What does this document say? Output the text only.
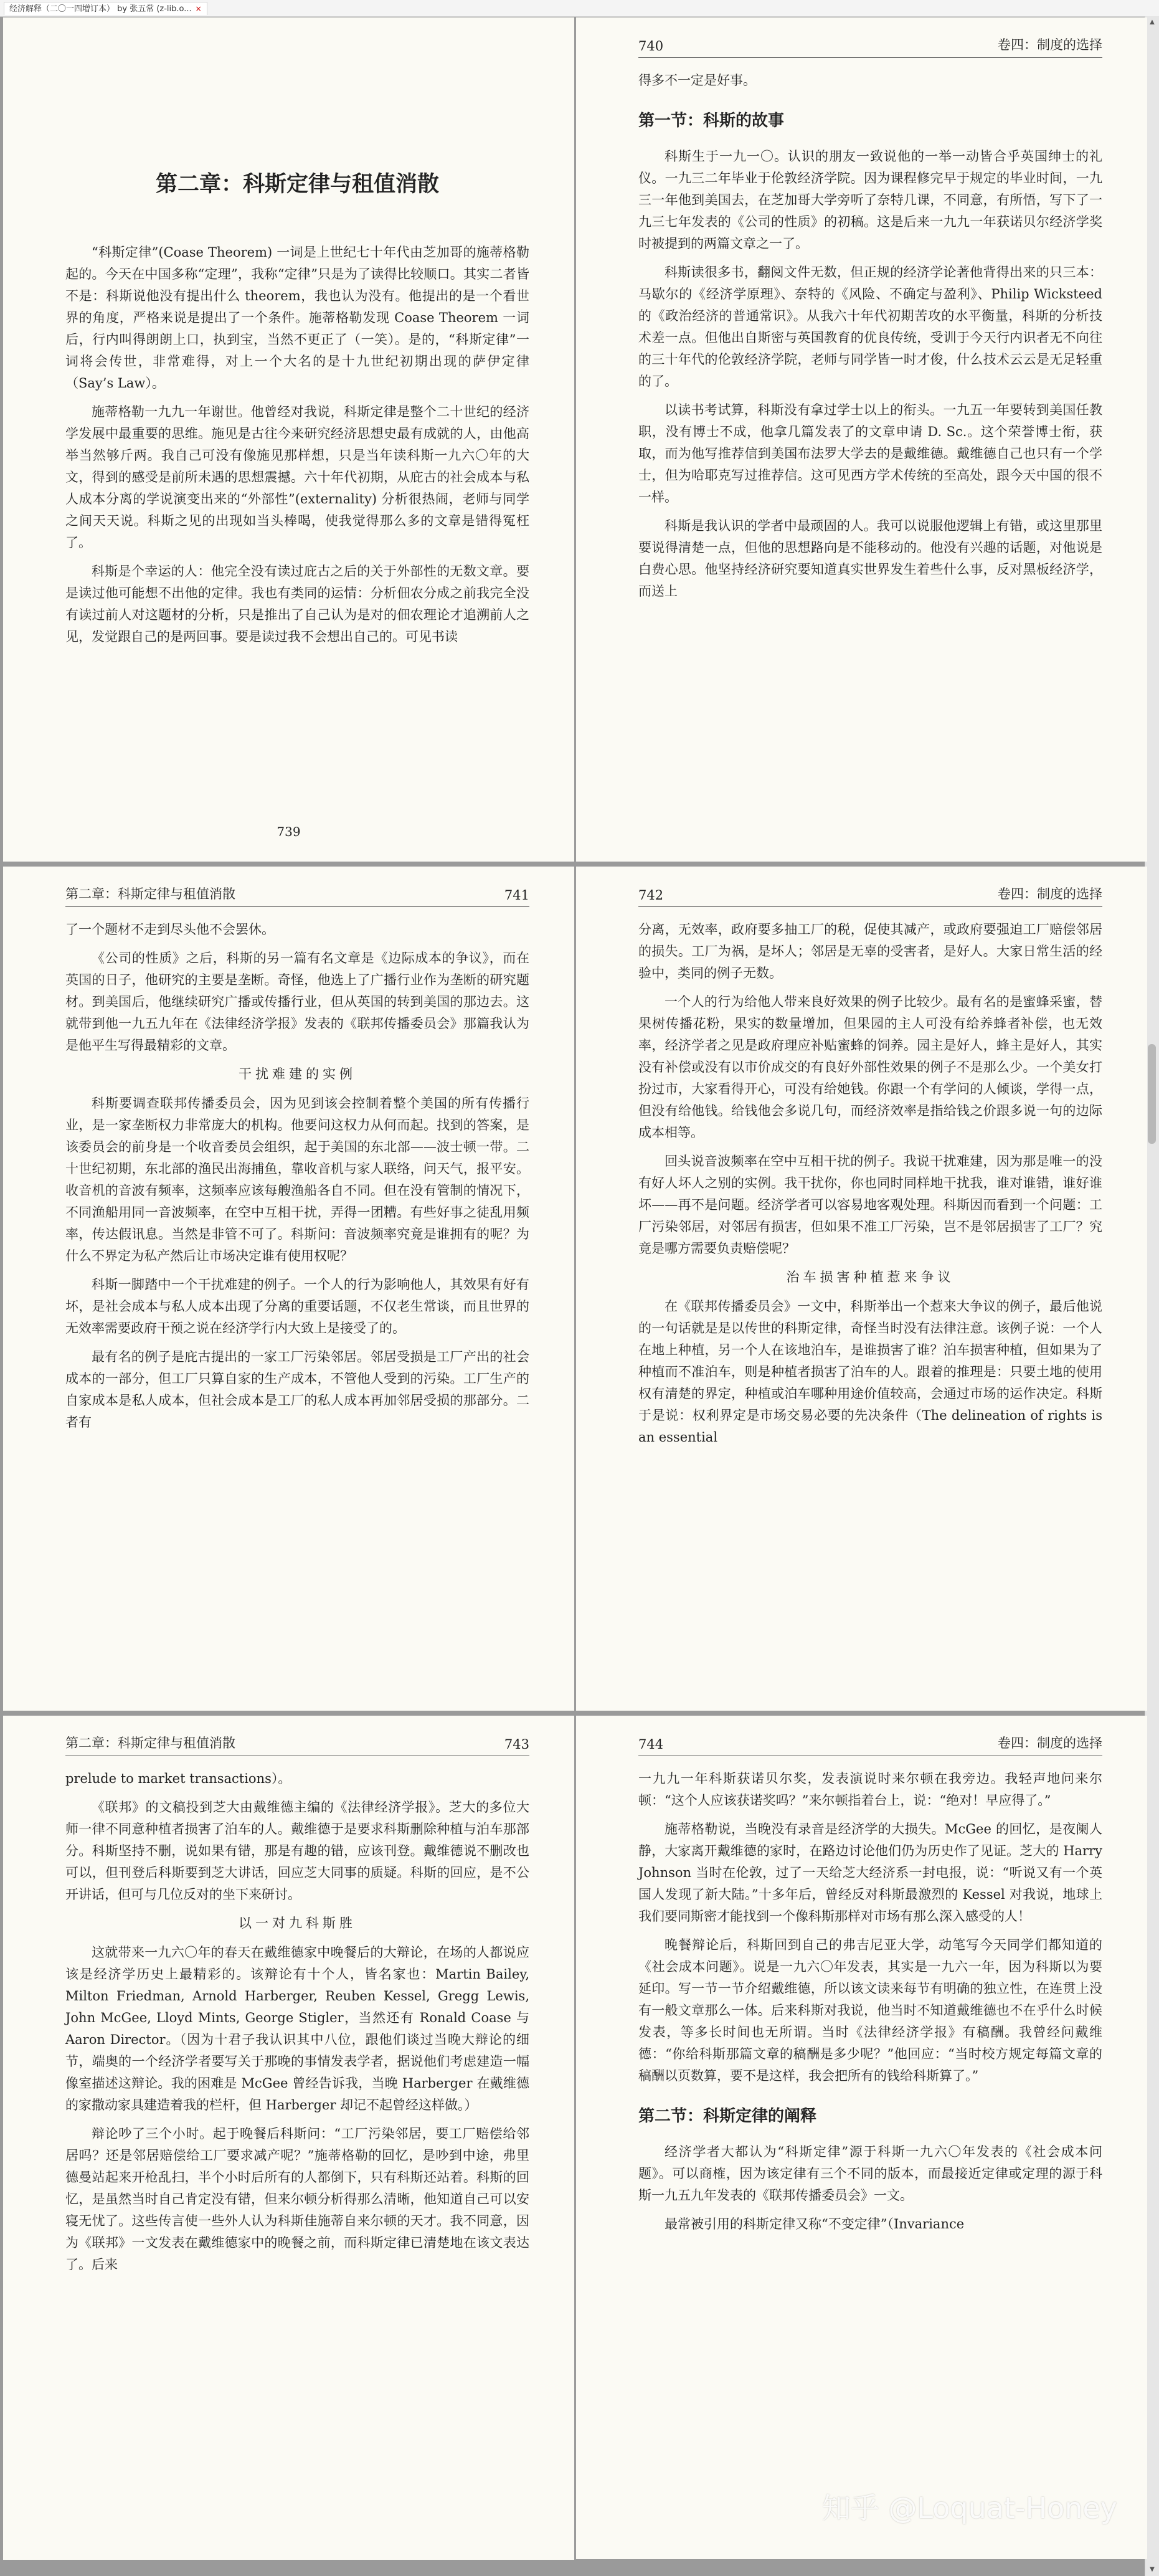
经济解释（二〇一四增订本） by 张五常 (z-lib.o... ×
▲
▼
第二章：科斯定律与租值消散

“科斯定律”(Coase Theorem) 一词是上世纪七十年代由芝加哥的施蒂格勒起的。今天在中国多称“定理”，我称“定律”只是为了读得比较顺口。其实二者皆不是：科斯说他没有提出什么 theorem，我也认为没有。他提出的是一个看世界的角度，严格来说是提出了一个条件。施蒂格勒发现 Coase Theorem 一词后，行内叫得朗朗上口，执到宝，当然不更正了（一笑）。是的，“科斯定律”一词将会传世，非常难得，对上一个大名的是十九世纪初期出现的萨伊定律（Say’s Law）。

施蒂格勒一九九一年谢世。他曾经对我说，科斯定律是整个二十世纪的经济学发展中最重要的思维。施见是古往今来研究经济思想史最有成就的人，由他高举当然够斤两。我自己可没有像施见那样想，只是当年读科斯一九六〇年的大文，得到的感受是前所未遇的思想震撼。六十年代初期，从庇古的社会成本与私人成本分离的学说演变出来的“外部性”(externality) 分析很热闹，老师与同学之间天天说。科斯之见的出现如当头棒喝，使我觉得那么多的文章是错得冤枉了。

科斯是个幸运的人：他完全没有读过庇古之后的关于外部性的无数文章。要是读过他可能想不出他的定律。我也有类同的运情：分析佃农分成之前我完全没有读过前人对这题材的分析，只是推出了自己认为是对的佃农理论才追溯前人之见，发觉跟自己的是两回事。要是读过我不会想出自己的。可见书读

739
740	卷四：制度的选择

得多不一定是好事。

第一节：科斯的故事

科斯生于一九一〇。认识的朋友一致说他的一举一动皆合乎英国绅士的礼仪。一九三二年毕业于伦敦经济学院。因为课程修完早于规定的毕业时间，一九三一年他到美国去，在芝加哥大学旁听了奈特几课，不同意，有所悟，写下了一九三七年发表的《公司的性质》的初稿。这是后来一九九一年获诺贝尔经济学奖时被提到的两篇文章之一了。

科斯读很多书，翻阅文件无数，但正规的经济学论著他背得出来的只三本：马歇尔的《经济学原理》、奈特的《风险、不确定与盈利》、Philip Wicksteed 的《政治经济的普通常识》。从我六十年代初期苦攻的水平衡量，科斯的分析技术差一点。但他出自斯密与英国教育的优良传统，受训于今天行内识者无不向往的三十年代的伦敦经济学院，老师与同学皆一时才俊，什么技术云云是无足轻重的了。

以读书考试算，科斯没有拿过学士以上的衔头。一九五一年要转到美国任教职，没有博士不成，他拿几篇发表了的文章申请 D. Sc.。这个荣誉博士衔，获取，而为他写推荐信到美国布法罗大学去的是戴维德。戴维德自己也只有一个学士，但为哈耶克写过推荐信。这可见西方学术传统的至高处，跟今天中国的很不一样。

科斯是我认识的学者中最顽固的人。我可以说服他逻辑上有错，或这里那里要说得清楚一点，但他的思想路向是不能移动的。他没有兴趣的话题，对他说是白费心思。他坚持经济研究要知道真实世界发生着些什么事，反对黑板经济学，而送上

第二章：科斯定律与租值消散	741

了一个题材不走到尽头他不会罢休。

《公司的性质》之后，科斯的另一篇有名文章是《边际成本的争议》，而在英国的日子，他研究的主要是垄断。奇怪，他选上了广播行业作为垄断的研究题材。到美国后，他继续研究广播或传播行业，但从英国的转到美国的那边去。这就带到他一九五九年在《法律经济学报》发表的《联邦传播委员会》那篇我认为是他平生写得最精彩的文章。

干扰难建的实例

科斯要调查联邦传播委员会，因为见到该会控制着整个美国的所有传播行业，是一家垄断权力非常庞大的机构。他要问这权力从何而起。找到的答案，是该委员会的前身是一个收音委员会组织，起于美国的东北部——波士顿一带。二十世纪初期，东北部的渔民出海捕鱼，靠收音机与家人联络，问天气，报平安。收音机的音波有频率，这频率应该每艘渔船各自不同。但在没有管制的情况下，不同渔船用同一音波频率，在空中互相干扰，弄得一团糟。有些好事之徒乱用频率，传达假讯息。当然是非管不可了。科斯问：音波频率究竟是谁拥有的呢？为什么不界定为私产然后让市场决定谁有使用权呢？

科斯一脚踏中一个干扰难建的例子。一个人的行为影响他人，其效果有好有坏，是社会成本与私人成本出现了分离的重要话题，不仅老生常谈，而且世界的无效率需要政府干预之说在经济学行内大致上是接受了的。

最有名的例子是庇古提出的一家工厂污染邻居。邻居受损是工厂产出的社会成本的一部分，但工厂只算自家的生产成本，不管他人受到的污染。工厂生产的自家成本是私人成本，但社会成本是工厂的私人成本再加邻居受损的那部分。二者有

742	卷四：制度的选择

分离，无效率，政府要多抽工厂的税，促使其减产，或政府要强迫工厂赔偿邻居的损失。工厂为祸，是坏人；邻居是无辜的受害者，是好人。大家日常生活的经验中，类同的例子无数。

一个人的行为给他人带来良好效果的例子比较少。最有名的是蜜蜂采蜜，替果树传播花粉，果实的数量增加，但果园的主人可没有给养蜂者补偿，也无效率，经济学者之见是政府理应补贴蜜蜂的饲养。园主是好人，蜂主是好人，其实没有补偿或没有以市价成交的有良好外部性效果的例子不是那么少。一个美女打扮过市，大家看得开心，可没有给她钱。你跟一个有学问的人倾谈，学得一点，但没有给他钱。给钱他会多说几句，而经济效率是指给钱之价跟多说一句的边际成本相等。

回头说音波频率在空中互相干扰的例子。我说干扰难建，因为那是唯一的没有好人坏人之别的实例。我干扰你，你也同时同样地干扰我，谁对谁错，谁好谁坏——再不是问题。经济学者可以容易地客观处理。科斯因而看到一个问题：工厂污染邻居，对邻居有损害，但如果不准工厂污染，岂不是邻居损害了工厂？究竟是哪方需要负责赔偿呢？

治车损害种植惹来争议

在《联邦传播委员会》一文中，科斯举出一个惹来大争议的例子，最后他说的一句话就是是以传世的科斯定律，奇怪当时没有法律注意。该例子说：一个人在地上种植，另一个人在该地泊车，是谁损害了谁？泊车损害种植，但如果为了种植而不准泊车，则是种植者损害了泊车的人。跟着的推理是：只要土地的使用权有清楚的界定，种植或泊车哪种用途价值较高，会通过市场的运作决定。科斯于是说：权利界定是市场交易必要的先决条件（The delineation of rights is an essential

第二章：科斯定律与租值消散	743

prelude to market transactions）。

《联邦》的文稿投到芝大由戴维德主编的《法律经济学报》。芝大的多位大师一律不同意种植者损害了泊车的人。戴维德于是要求科斯删除种植与泊车那部分。科斯坚持不删，说如果有错，那是有趣的错，应该刊登。戴维德说不删改也可以，但刊登后科斯要到芝大讲话，回应芝大同事的质疑。科斯的回应，是不公开讲话，但可与几位反对的坐下来研讨。

以一对九科斯胜

这就带来一九六〇年的春天在戴维德家中晚餐后的大辩论，在场的人都说应该是经济学历史上最精彩的。该辩论有十个人，皆名家也：Martin Bailey, Milton Friedman, Arnold Harberger, Reuben Kessel, Gregg Lewis, John McGee, Lloyd Mints, George Stigler，当然还有 Ronald Coase 与 Aaron Director。（因为十君子我认识其中八位，跟他们谈过当晚大辩论的细节，端奥的一个经济学者要写关于那晚的事情发表学者，据说他们考虑建造一幅像室描述这辩论。我的困难是 McGee 曾经告诉我，当晚 Harberger 在戴维德的家撒动家具建造着我的栏杆，但 Harberger 却记不起曾经这样做。）

辩论吵了三个小时。起于晚餐后科斯问：“工厂污染邻居，要工厂赔偿给邻居吗？还是邻居赔偿给工厂要求减产呢？”施蒂格勒的回忆，是吵到中途，弗里德曼站起来开枪乱扫，半个小时后所有的人都倒下，只有科斯还站着。科斯的回忆，是虽然当时自己肯定没有错，但来尔顿分析得那么清晰，他知道自己可以安寝无忧了。这些传言使一些外人认为科斯佳施蒂自来尔顿的天才。我不同意，因为《联邦》一文发表在戴维德家中的晚餐之前，而科斯定律已清楚地在该文表达了。后来

744	卷四：制度的选择

一九九一年科斯获诺贝尔奖，发表演说时来尔顿在我旁边。我轻声地问来尔顿：“这个人应该获诺奖吗？”来尔顿指着台上，说：“绝对！早应得了。”

施蒂格勒说，当晚没有录音是经济学的大损失。McGee 的回忆，是夜阑人静，大家离开戴维德的家时，在路边讨论他们仍为历史作了见证。芝大的 Harry Johnson 当时在伦敦，过了一天给芝大经济系一封电报，说：“听说又有一个英国人发现了新大陆。”十多年后，曾经反对科斯最激烈的 Kessel 对我说，地球上我们要同斯密才能找到一个像科斯那样对市场有那么深入感受的人！

晚餐辩论后，科斯回到自己的弗吉尼亚大学，动笔写今天同学们都知道的《社会成本问题》。说是一九六〇年发表，其实是一九六一年，因为科斯以为要延印。写一节一节介绍戴维德，所以该文读来每节有明确的独立性，在连贯上没有一般文章那么一体。后来科斯对我说，他当时不知道戴维德也不在乎什么时候发表，等多长时间也无所谓。当时《法律经济学报》有稿酬。我曾经问戴维德：“你给科斯那篇文章的稿酬是多少呢？”他回应：“当时校方规定每篇文章的稿酬以页数算，要不是这样，我会把所有的钱给科斯算了。”

第二节：科斯定律的阐释

经济学者大都认为“科斯定律”源于科斯一九六〇年发表的《社会成本问题》。可以商榷，因为该定律有三个不同的版本，而最接近定律或定理的源于科斯一九五九年发表的《联邦传播委员会》一文。

最常被引用的科斯定律又称“不变定律”（Invariance

知乎 @Loquat-Honey
